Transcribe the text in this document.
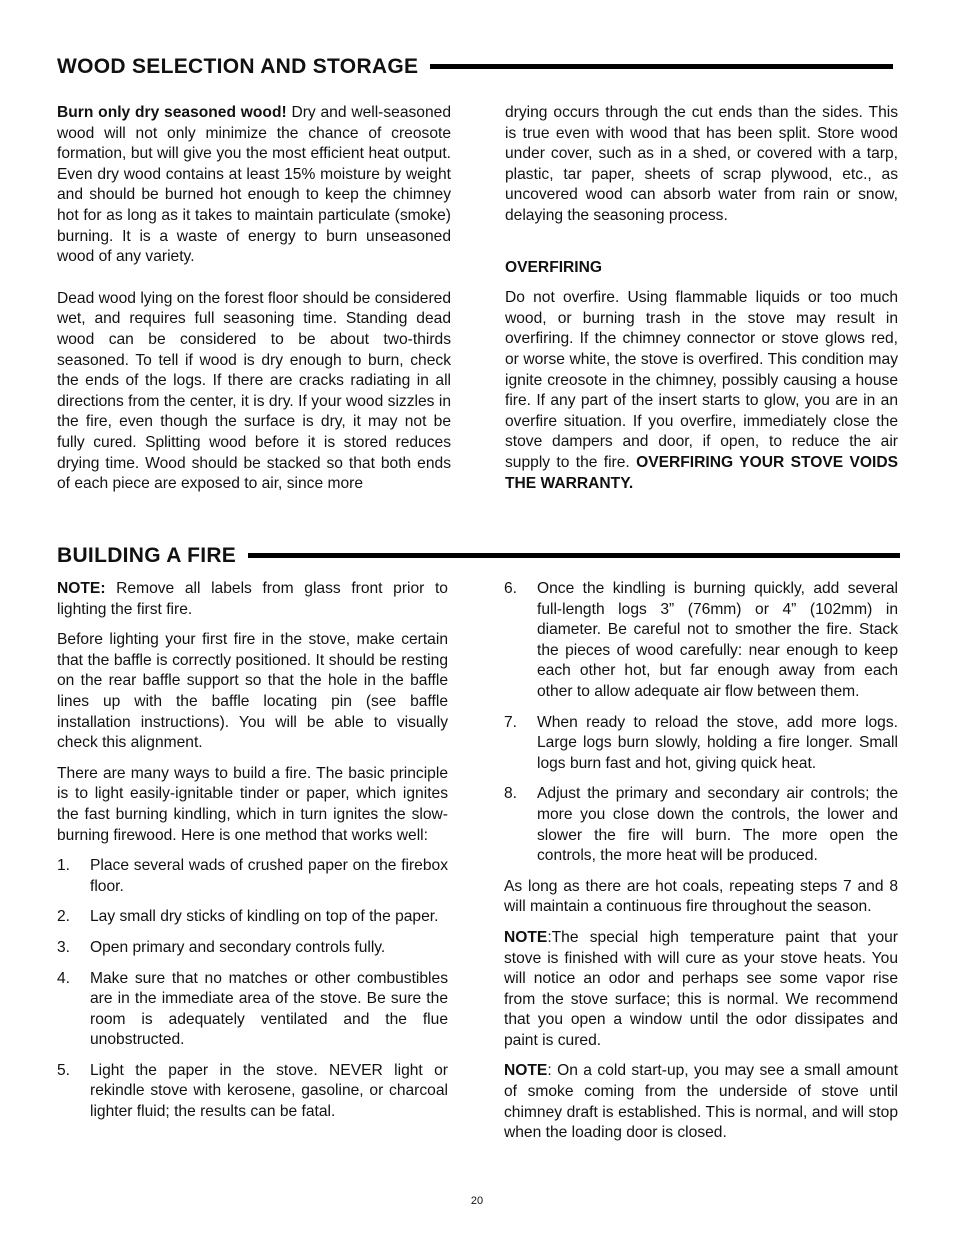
WOOD SELECTION AND STORAGE

Burn only dry seasoned wood! Dry and well-seasoned wood will not only minimize the chance of creosote formation, but will give you the most efficient heat output. Even dry wood contains at least 15% moisture by weight and should be burned hot enough to keep the chimney hot for as long as it takes to maintain particulate (smoke) burning. It is a waste of energy to burn unseasoned wood of any variety.

Dead wood lying on the forest floor should be considered wet, and requires full seasoning time. Standing dead wood can be considered to be about two-thirds seasoned. To tell if wood is dry enough to burn, check the ends of the logs. If there are cracks radiating in all directions from the center, it is dry. If your wood sizzles in the fire, even though the surface is dry, it may not be fully cured. Splitting wood before it is stored reduces drying time. Wood should be stacked so that both ends of each piece are exposed to air, since more

drying occurs through the cut ends than the sides. This is true even with wood that has been split. Store wood under cover, such as in a shed, or covered with a tarp, plastic, tar paper, sheets of scrap plywood, etc., as uncovered wood can absorb water from rain or snow, delaying the seasoning process.

OVERFIRING

Do not overfire. Using flammable liquids or too much wood, or burning trash in the stove may result in overfiring. If the chimney connector or stove glows red, or worse white, the stove is overfired. This condition may ignite creosote in the chimney, possibly causing a house fire. If any part of the insert starts to glow, you are in an overfire situation. If you overfire, immediately close the stove dampers and door, if open, to reduce the air supply to the fire. OVERFIRING YOUR STOVE VOIDS THE WARRANTY.

BUILDING A FIRE

NOTE: Remove all labels from glass front prior to lighting the first fire.

Before lighting your first fire in the stove, make certain that the baffle is correctly positioned. It should be resting on the rear baffle support so that the hole in the baffle lines up with the baffle locating pin (see baffle installation instructions). You will be able to visually check this alignment.

There are many ways to build a fire. The basic principle is to light easily-ignitable tinder or paper, which ignites the fast burning kindling, which in turn ignites the slow-burning firewood. Here is one method that works well:

1.	Place several wads of crushed paper on the firebox floor.
2.	Lay small dry sticks of kindling on top of the paper.
3.	Open primary and secondary controls fully.
4.	Make sure that no matches or other combustibles are in the immediate area of the stove. Be sure the room is adequately ventilated and the flue unobstructed.
5.	Light the paper in the stove. NEVER light or rekindle stove with kerosene, gasoline, or charcoal lighter fluid; the results can be fatal.
6.	Once the kindling is burning quickly, add several full-length logs 3” (76mm) or 4” (102mm) in diameter. Be careful not to smother the fire. Stack the pieces of wood carefully: near enough to keep each other hot, but far enough away from each other to allow adequate air flow between them.
7.	When ready to reload the stove, add more logs. Large logs burn slowly, holding a fire longer. Small logs burn fast and hot, giving quick heat.
8.	Adjust the primary and secondary air controls; the more you close down the controls, the lower and slower the fire will burn. The more open the controls, the more heat will be produced.

As long as there are hot coals, repeating steps 7 and 8 will maintain a continuous fire throughout the season.

NOTE:The special high temperature paint that your stove is finished with will cure as your stove heats. You will notice an odor and perhaps see some vapor rise from the stove surface; this is normal. We recommend that you open a window until the odor dissipates and paint is cured.

NOTE: On a cold start-up, you may see a small amount of smoke coming from the underside of stove until chimney draft is established. This is normal, and will stop when the loading door is closed.

20
